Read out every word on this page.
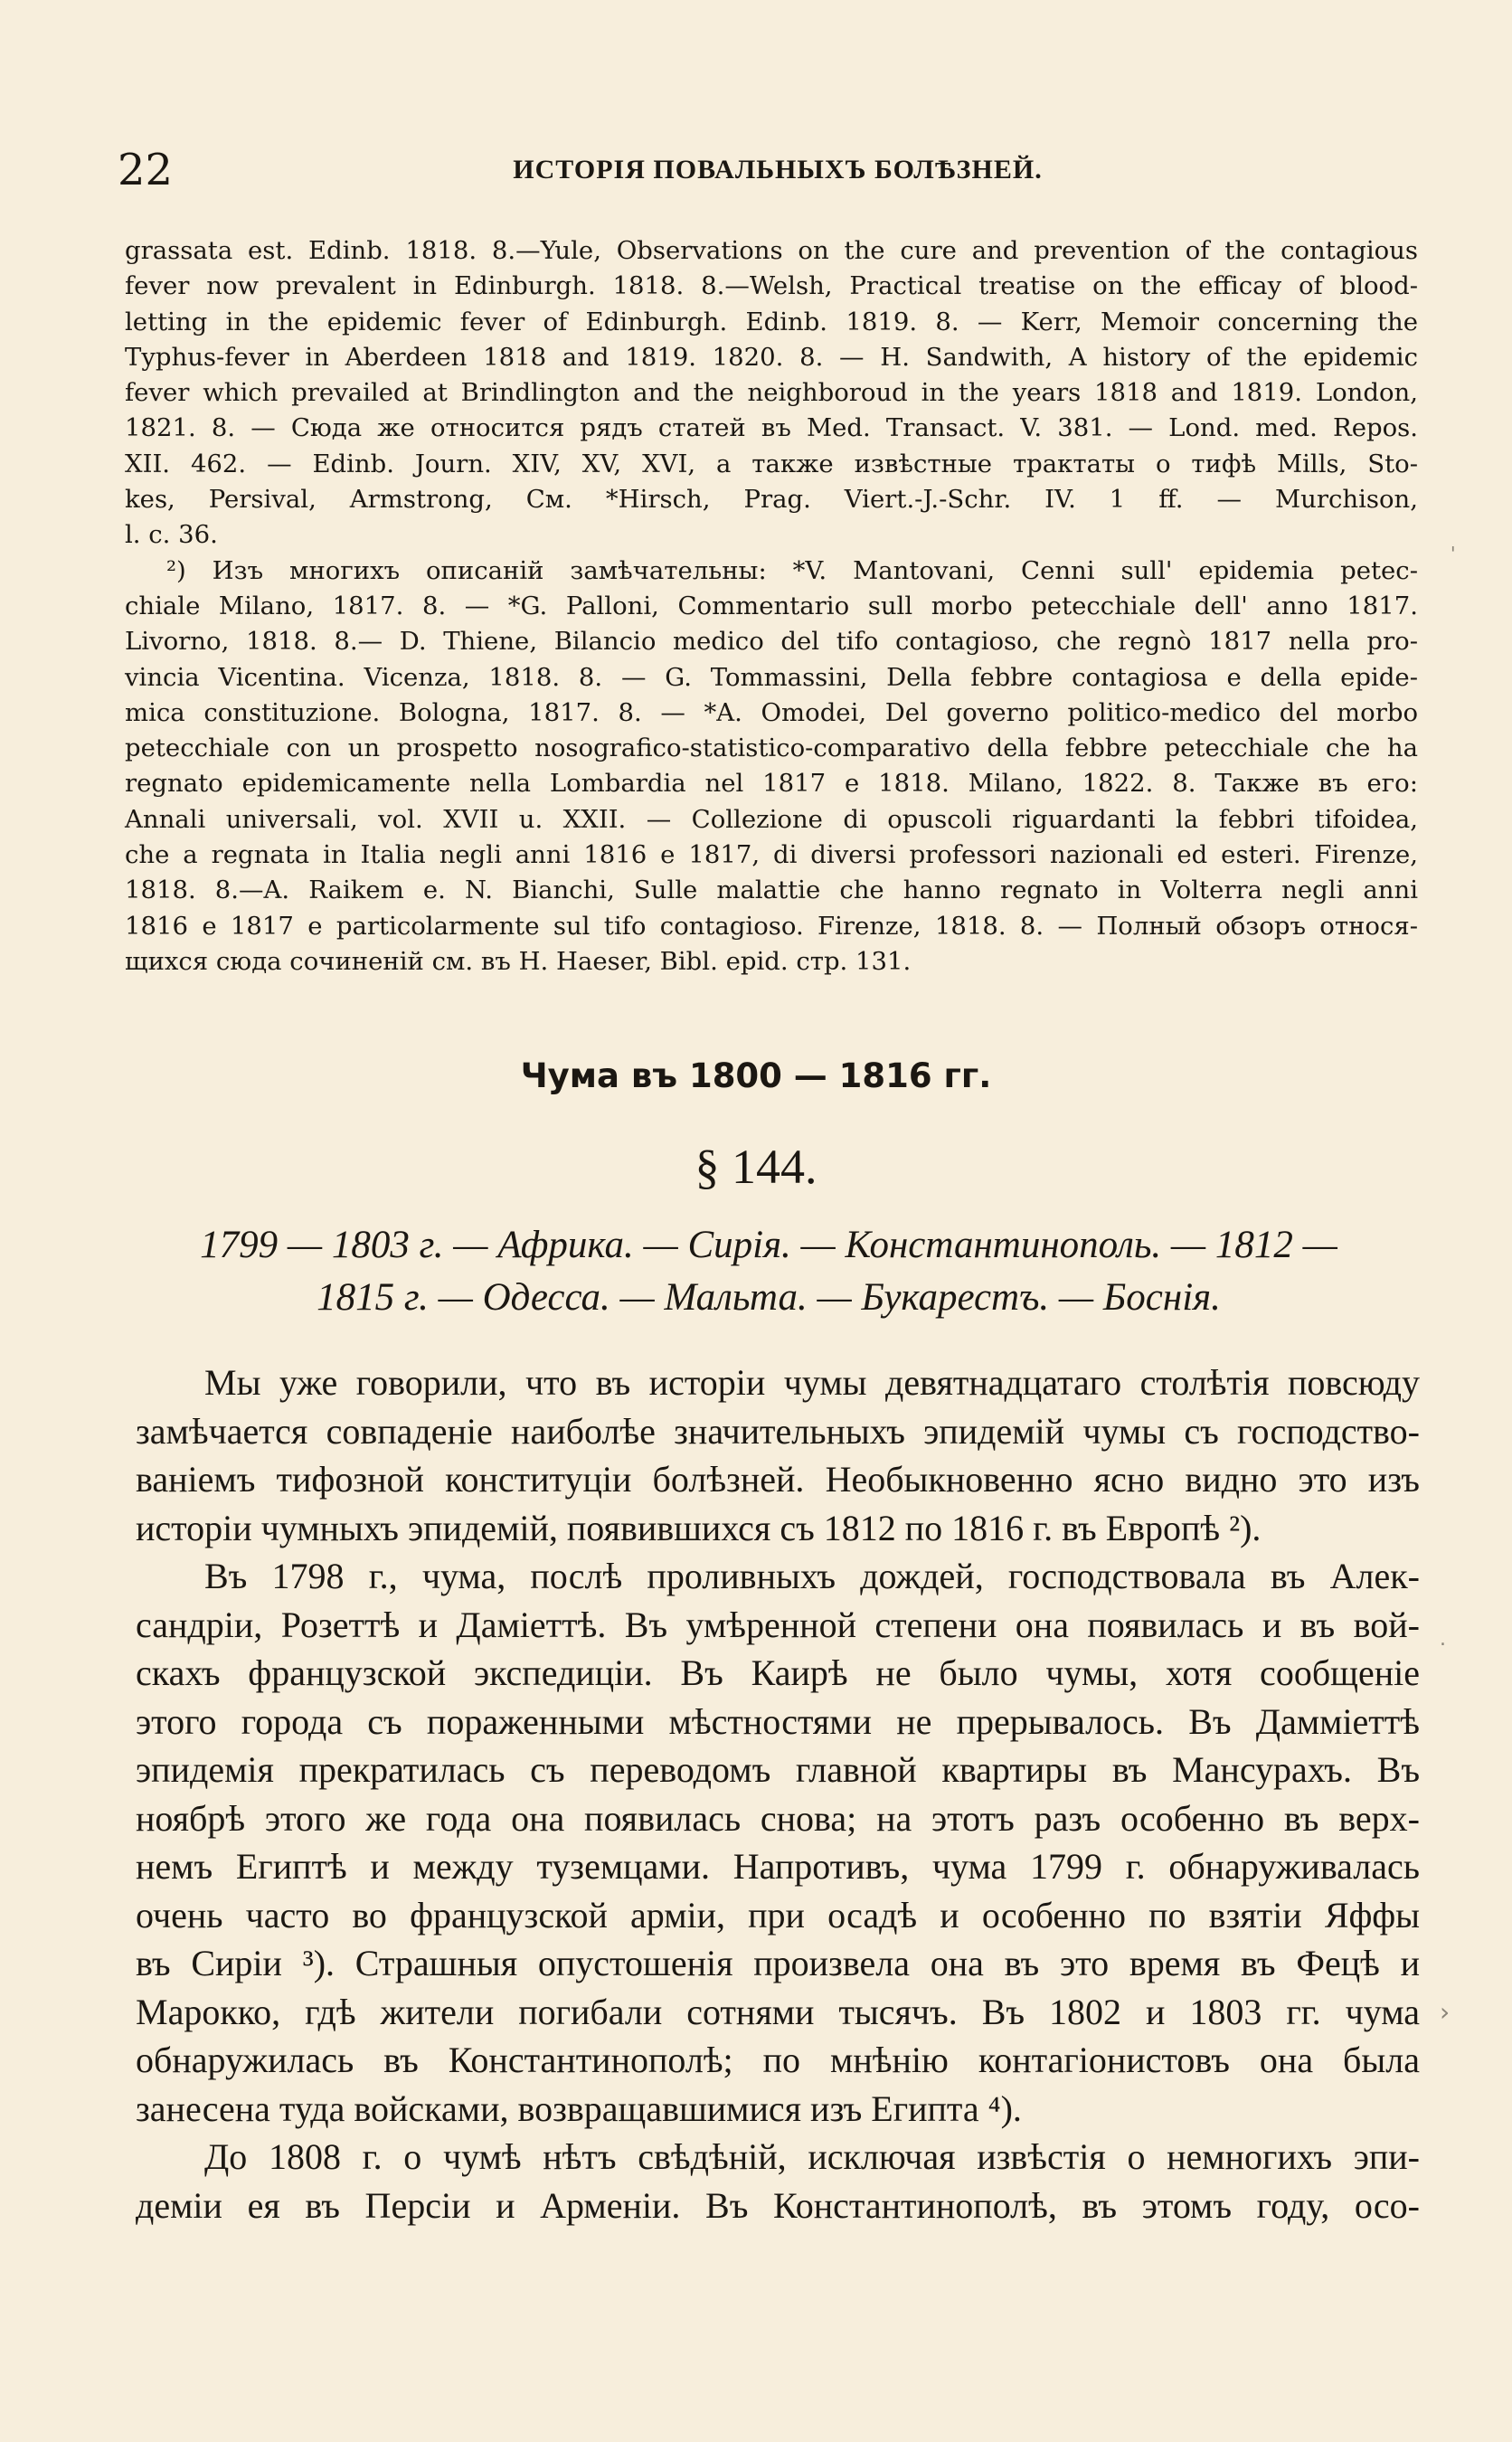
22	ИСТОРІЯ ПОВАЛЬНЫХЪ БОЛѢЗНЕЙ.
grassata est. Edinb. 1818. 8.—Yule, Observations on the cure and prevention of the contagious
fever now prevalent in Edinburgh. 1818. 8.—Welsh, Practical treatise on the efficay of blood-
letting in the epidemic fever of Edinburgh. Edinb. 1819. 8. — Kerr, Memoir concerning the
Typhus-fever in Aberdeen 1818 and 1819. 1820. 8. — H. Sandwith, A history of the epidemic
fever which prevailed at Brindlington and the neighboroud in the years 1818 and 1819. London,
1821. 8. — Сюда же относится рядъ статей въ Med. Transact. V. 381. — Lond. med. Repos.
XII. 462. — Edinb. Journ. XIV, XV, XVI, а также извѣстные трактаты о тифѣ Mills, Sto-
kes, Persival, Armstrong, См. *Hirsch, Prag. Viert.-J.-Schr. IV. 1 ff. — Murchison,
l. c. 36.
²) Изъ многихъ описаній замѣчательны: *V. Mantovani, Cenni sull' epidemia petec-
chiale Milano, 1817. 8. — *G. Palloni, Commentario sull morbo petecchiale dell' anno 1817.
Livorno, 1818. 8.— D. Thiene, Bilancio medico del tifo contagioso, che regnò 1817 nella pro-
vincia Vicentina. Vicenza, 1818. 8. — G. Tommassini, Della febbre contagiosa e della epide-
mica constituzione. Bologna, 1817. 8. — *A. Omodei, Del governo politico-medico del morbo
petecchiale con un prospetto nosografico-statistico-comparativo della febbre petecchiale che ha
regnato epidemicamente nella Lombardia nel 1817 e 1818. Milano, 1822. 8. Также въ его:
Annali universali, vol. XVII u. XXII. — Collezione di opuscoli riguardanti la febbri tifoidea,
che a regnata in Italia negli anni 1816 e 1817, di diversi professori nazionali ed esteri. Firenze,
1818. 8.—A. Raikem e. N. Bianchi, Sulle malattie che hanno regnato in Volterra negli anni
1816 e 1817 e particolarmente sul tifo contagioso. Firenze, 1818. 8. — Полный обзоръ относя-
щихся сюда сочиненій см. въ H. Haeser, Bibl. epid. стр. 131.
Чума въ 1800 — 1816 гг.
§ 144.
1799 — 1803 г. — Африка. — Сирія. — Константинополь. — 1812 —
1815 г. — Одесса. — Мальта. — Букарестъ. — Боснія.
Мы уже говорили, что въ исторіи чумы девятнадцатаго столѣтія повсюду
замѣчается совпаденіе наиболѣе значительныхъ эпидемій чумы съ господство-
ваніемъ тифозной конституціи болѣзней. Необыкновенно ясно видно это изъ
исторіи чумныхъ эпидемій, появившихся съ 1812 по 1816 г. въ Европѣ ²).
Въ 1798 г., чума, послѣ проливныхъ дождей, господствовала въ Алек-
сандріи, Розеттѣ и Даміеттѣ. Въ умѣренной степени она появилась и въ вой-
скахъ французской экспедиціи. Въ Каирѣ не было чумы, хотя сообщеніе
этого города съ пораженными мѣстностями не прерывалось. Въ Дамміеттѣ
эпидемія прекратилась съ переводомъ главной квартиры въ Мансурахъ. Въ
ноябрѣ этого же года она появилась снова; на этотъ разъ особенно въ верх-
немъ Египтѣ и между туземцами. Напротивъ, чума 1799 г. обнаруживалась
очень часто во французской арміи, при осадѣ и особенно по взятіи Яффы
въ Сиріи ³). Страшныя опустошенія произвела она въ это время въ Фецѣ и
Марокко, гдѣ жители погибали сотнями тысячъ. Въ 1802 и 1803 гг. чума
обнаружилась въ Константинополѣ; по мнѣнію контагіонистовъ она была
занесена туда войсками, возвращавшимися изъ Египта ⁴).
До 1808 г. о чумѣ нѣтъ свѣдѣній, исключая извѣстія о немногихъ эпи-
деміи ея въ Персіи и Арменіи. Въ Константинополѣ, въ этомъ году, осо-
'
.
›
